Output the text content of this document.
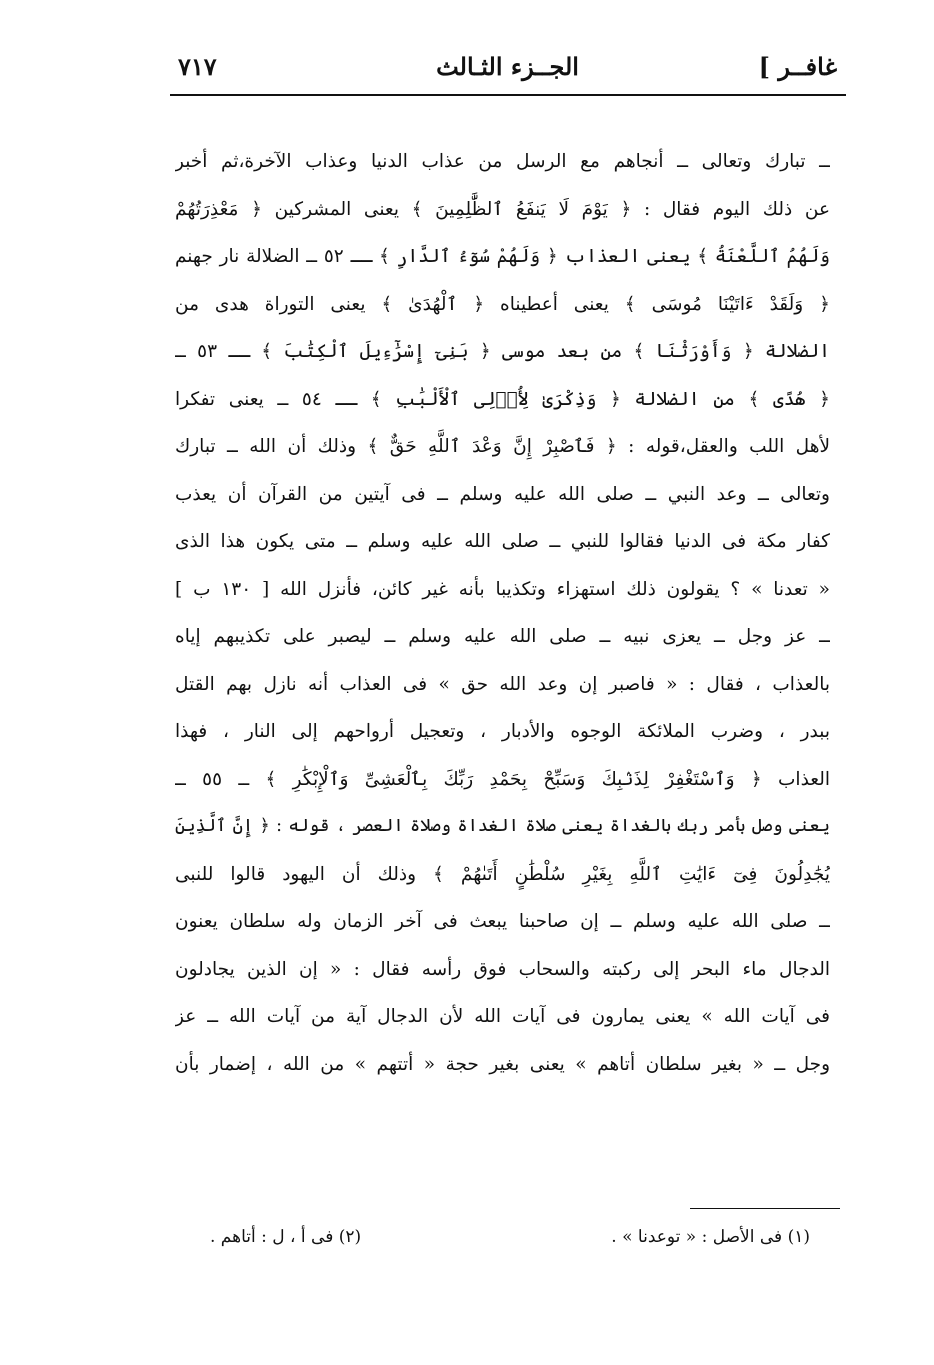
غافــر ]
الجــزء الثـالث
٧١٧
ــ تبارك وتعالى ــ أنجاهم مع الرسل من عذاب الدنيا وعذاب الآخرة،ثم أخبر
عن ذلك اليوم فقال : ﴿ يَوْمَ لَا يَنفَعُ ٱلظَّٰلِمِينَ ﴾ يعنى المشركين ﴿ مَعْذِرَتُهُمْ
وَلَهُمُ ٱللَّعْنَةُ ﴾ يعنى العذاب ﴿ وَلَهُمْ سُوٓءُ ٱلدَّارِ ﴾ ــ ٥٢ ــ الضلالة نار جهنم
﴿ وَلَقَدْ ءَاتَيْنَا مُوسَى ﴾ يعنى أعطيناه ﴿ ٱلْهُدَىٰ ﴾ يعنى التوراة هدى من
الضلالة ﴿ وَأَوْرَثْنَا ﴾ من بعد موسى ﴿ بَنِىٓ إِسْرَٰٓءِيلَ ٱلْكِتَٰبَ ﴾ ــ ٥٣ ــ
﴿ هُدًى ﴾ من الضلالة ﴿ وَذِكْرَىٰ لِأُو۟لِى ٱلْأَلْبَٰبِ ﴾ ــ ٥٤ ــ يعنى تفكرا
لأهل اللب والعقل،قوله : ﴿ فَٱصْبِرْ إِنَّ وَعْدَ ٱللَّهِ حَقٌّ ﴾ وذلك أن الله ــ تبارك
وتعالى ــ وعد النبي ــ صلى الله عليه وسلم ــ فى آيتين من القرآن أن يعذب
كفار مكة فى الدنيا فقالوا للنبي ــ صلى الله عليه وسلم ــ متى يكون هذا الذى
« تعدنا » ؟ يقولون ذلك استهزاء وتكذيبا بأنه غير كائن، فأنزل الله [ ١٣٠ ب ]
ــ عز وجل ــ يعزى نبيه ــ صلى الله عليه وسلم ــ ليصبر على تكذيبهم إياه
بالعذاب ، فقال : « فاصبر إن وعد الله حق » فى العذاب أنه نازل بهم القتل
ببدر ، وضرب الملائكة الوجوه والأدبار ، وتعجيل أرواحهم إلى النار ، فهذا
العذاب ﴿ وَٱسْتَغْفِرْ لِذَنۢبِكَ وَسَبِّحْ بِحَمْدِ رَبِّكَ بِٱلْعَشِىِّ وَٱلْإِبْكَٰرِ ﴾ ــ ٥٥ ــ
يعنى وصل بأمر ربك بالغداة يعنى صلاة الغداة وصلاة العصر ، قوله : ﴿ إِنَّ ٱلَّذِينَ
يُجَٰدِلُونَ فِىٓ ءَايَٰتِ ٱللَّهِ بِغَيْرِ سُلْطَٰنٍ أَتَىٰهُمْ ﴾ وذلك أن اليهود قالوا للنبى
ــ صلى الله عليه وسلم ــ إن صاحبنا يبعث فى آخر الزمان وله سلطان يعنون
الدجال ماء البحر إلى ركبته والسحاب فوق رأسه فقال : « إن الذين يجادلون
فى آيات الله » يعنى يمارون فى آيات الله لأن الدجال آية من آيات الله ــ عز
وجل ــ « بغير سلطان أتاهم » يعنى بغير حجة « أتتهم » من الله ، إضمار بأن
(١) فى الأصل : « توعدنا » .
(٢) فى أ ، ل : أتاهم .
